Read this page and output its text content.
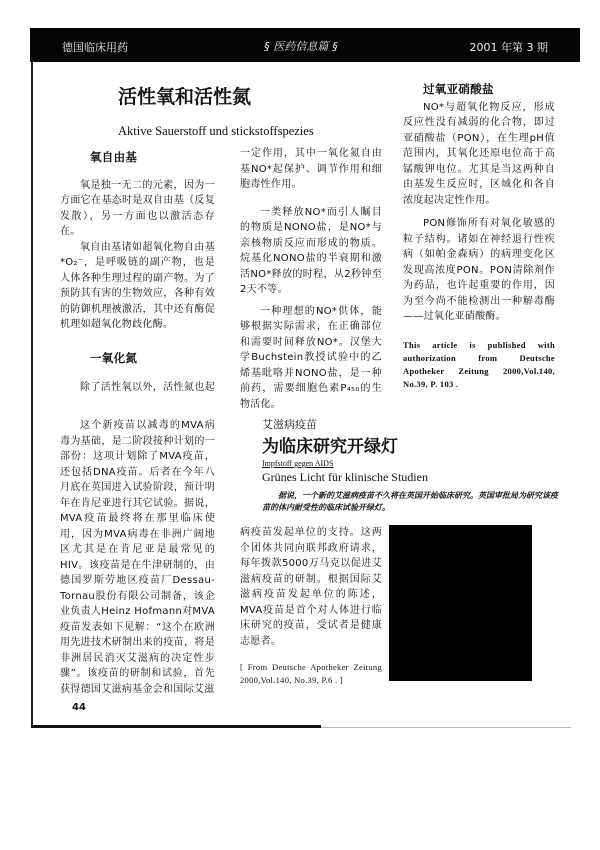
德国临床用药	§ 医药信息篇 §	2001 年第 3 期
活性氧和活性氮
Aktive Sauerstoff und stickstoffspezies
氧自由基

氧是独一无二的元素，因为一方面它在基态时是双自由基（反复发散），另一方面也以激活态存在。

氧自由基诸如超氧化物自由基*O₂⁻，是呼吸链的副产物，也是人体各种生理过程的副产物。为了预防其有害的生物效应，各种有效的防御机理被激活，其中还有酶促机理如超氧化物歧化酶。

一氧化氮

除了活性氧以外，活性氮也起

一定作用，其中一氧化氮自由基NO*起保护、调节作用和细胞毒性作用。

一类释放NO*而引人瞩目的物质是NONO盐，是NO*与亲核物质反应而形成的物质。烷基化NONO盐的半衰期和激活NO*释放的时程，从2秒钟至2天不等。

一种理想的NO*供体，能够根据实际需求，在正确部位和需要时间释放NO*。汉堡大学Buchstein教授试验中的乙烯基吡咯并NONO盐，是一种前药，需要细胞色素P₄₅₀的生物活化。

过氧亚硝酸盐

NO*与超氧化物反应，形成反应性没有减弱的化合物，即过亚硝酸盐（PON），在生理pH值范围内，其氧化还原电位高于高锰酸钾电位。尤其是当这两种自由基发生反应时，区域化和各自浓度起决定性作用。

PON修饰所有对氧化敏感的粒子结构。诸如在神经退行性疾病（如帕金森病）的病理变化区发现高浓度PON。PON清除剂作为药品，也许起重要的作用，因为至今尚不能检测出一种解毒酶——过氧化亚硝酸酶。

This article is published with authorization from Deutsche Apotheker Zeitung 2000,Vol.140, No.39, P. 103 .

这个新疫苗以减毒的MVA病毒为基础，是二阶段接种计划的一部份：这项计划除了MVA疫苗，还包括DNA疫苗。后者在今年八月底在英国进入试验阶段，预计明年在肯尼亚进行其它试验。据说，MVA疫苗最终将在那里临床使用，因为MVA病毒在非洲广阔地区尤其是在肯尼亚是最常见的HIV。该疫苗是在牛津研制的，由德国罗斯劳地区疫苗厂Dessau-Tornau股份有限公司制备，该企业负责人Heinz Hofmann对MVA疫苗发表如下见解：“这个在欧洲用先进技术研制出来的疫苗，将是非洲居民消灭艾滋病的决定性步骤”。该疫苗的研制和试验，首先获得德国艾滋病基金会和国际艾滋

艾滋病疫苗
为临床研究开绿灯
Impfstoff gegen AIDS
Grünes Licht für klinische Studien
据说，一个新的艾滋病疫苗不久将在英国开始临床研究。英国审批局为研究该疫苗的体内耐受性的临床试验开绿灯。

病疫苗发起单位的支持。这两个团体共同向联邦政府请求，每年拨款5000万马克以促进艾滋病疫苗的研制。根据国际艾滋病疫苗发起单位的陈述，MVA疫苗是首个对人体进行临床研究的疫苗，受试者是健康志愿者。

[ From Deutsche Apotheker Zeitung 2000,Vol.140, No.39, P.6 . ]
44
